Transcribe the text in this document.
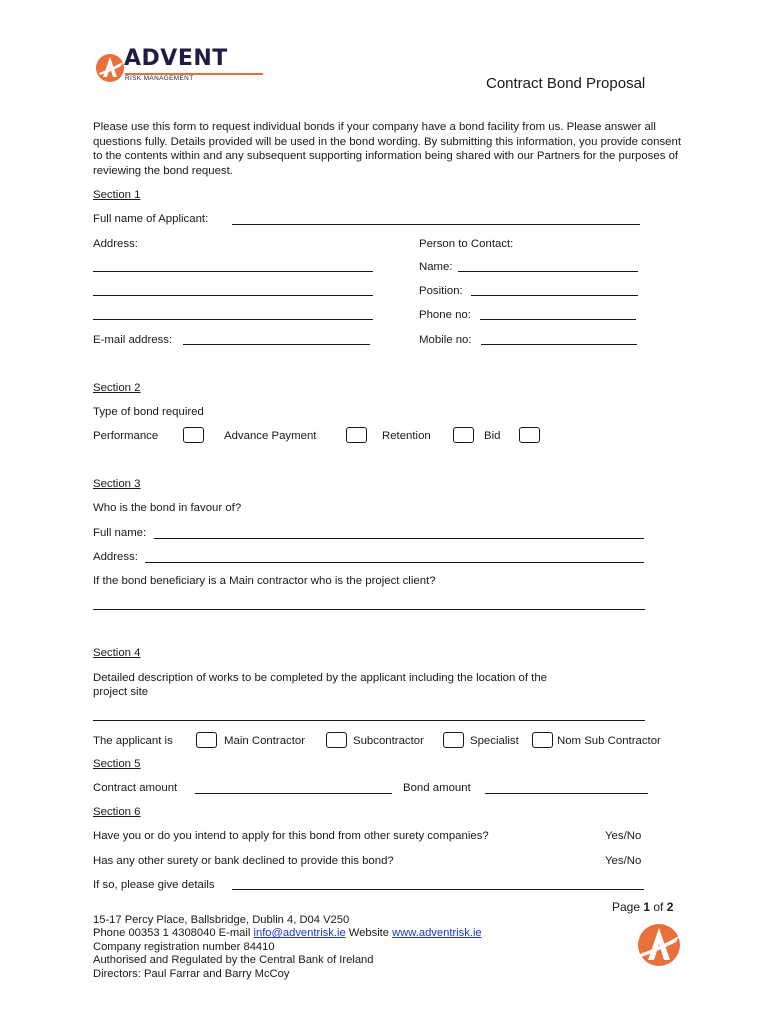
ADVENT
RISK MANAGEMENT	Contract Bond Proposal
Please use this form to request individual bonds if your company have a bond facility from us. Please answer all questions fully. Details provided will be used in the bond wording. By submitting this information, you provide consent to the contents within and any subsequent supporting information being shared with our Partners for the purposes of reviewing the bond request.
Section 1
Full name of Applicant:
Address:	Person to Contact:
Name:
Position:
Phone no:
E-mail address:	Mobile no:
Section 2
Type of bond required
Performance	Advance Payment	Retention	Bid
Section 3
Who is the bond in favour of?
Full name:
Address:
If the bond beneficiary is a Main contractor who is the project client?
Section 4
Detailed description of works to be completed by the applicant including the location of the
project site
The applicant is	Main Contractor	Subcontractor	Specialist	Nom Sub Contractor
Section 5
Contract amount	Bond amount
Section 6
Have you or do you intend to apply for this bond from other surety companies?	Yes/No
Has any other surety or bank declined to provide this bond?	Yes/No
If so, please give details
Page 1 of 2
15-17 Percy Place, Ballsbridge, Dublin 4, D04 V250
Phone 00353 1 4308040 E-mail info@adventrisk.ie Website www.adventrisk.ie
Company registration number 84410
Authorised and Regulated by the Central Bank of Ireland
Directors: Paul Farrar and Barry McCoy
